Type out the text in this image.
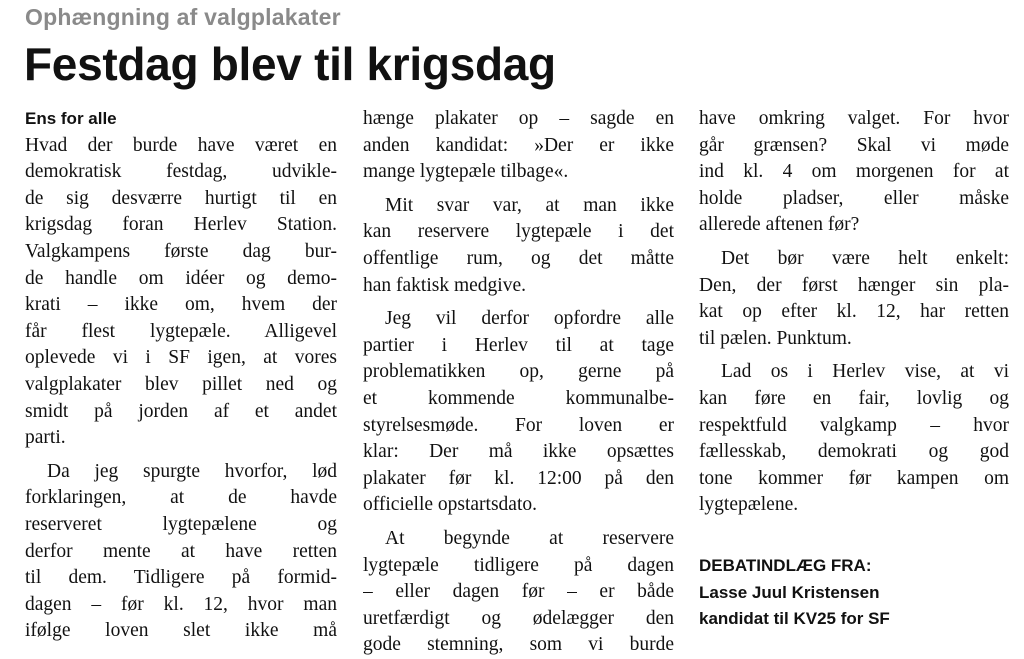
Ophængning af valgplakater
Festdag blev til krigsdag
Ens for alle
Hvad der burde have været en
demokratisk festdag, udvikle-
de sig desværre hurtigt til en
krigsdag foran Herlev Station.
Valgkampens første dag bur-
de handle om idéer og demo-
krati – ikke om, hvem der
får flest lygtepæle. Alligevel
oplevede vi i SF igen, at vores
valgplakater blev pillet ned og
smidt på jorden af et andet
parti.
Da jeg spurgte hvorfor, lød
forklaringen, at de havde
reserveret lygtepælene og
derfor mente at have retten
til dem. Tidligere på formid-
dagen – før kl. 12, hvor man
ifølge loven slet ikke må
hænge plakater op – sagde en
anden kandidat: »Der er ikke
mange lygtepæle tilbage«.
Mit svar var, at man ikke
kan reservere lygtepæle i det
offentlige rum, og det måtte
han faktisk medgive.
Jeg vil derfor opfordre alle
partier i Herlev til at tage
problematikken op, gerne på
et kommende kommunalbe-
styrelsesmøde. For loven er
klar: Der må ikke opsættes
plakater før kl. 12:00 på den
officielle opstartsdato.
At begynde at reservere
lygtepæle tidligere på dagen
– eller dagen før – er både
uretfærdigt og ødelægger den
gode stemning, som vi burde
have omkring valget. For hvor
går grænsen? Skal vi møde
ind kl. 4 om morgenen for at
holde pladser, eller måske
allerede aftenen før?
Det bør være helt enkelt:
Den, der først hænger sin pla-
kat op efter kl. 12, har retten
til pælen. Punktum.
Lad os i Herlev vise, at vi
kan føre en fair, lovlig og
respektfuld valgkamp – hvor
fællesskab, demokrati og god
tone kommer før kampen om
lygtepælene.
DEBATINDLÆG FRA:
Lasse Juul Kristensen
kandidat til KV25 for SF
